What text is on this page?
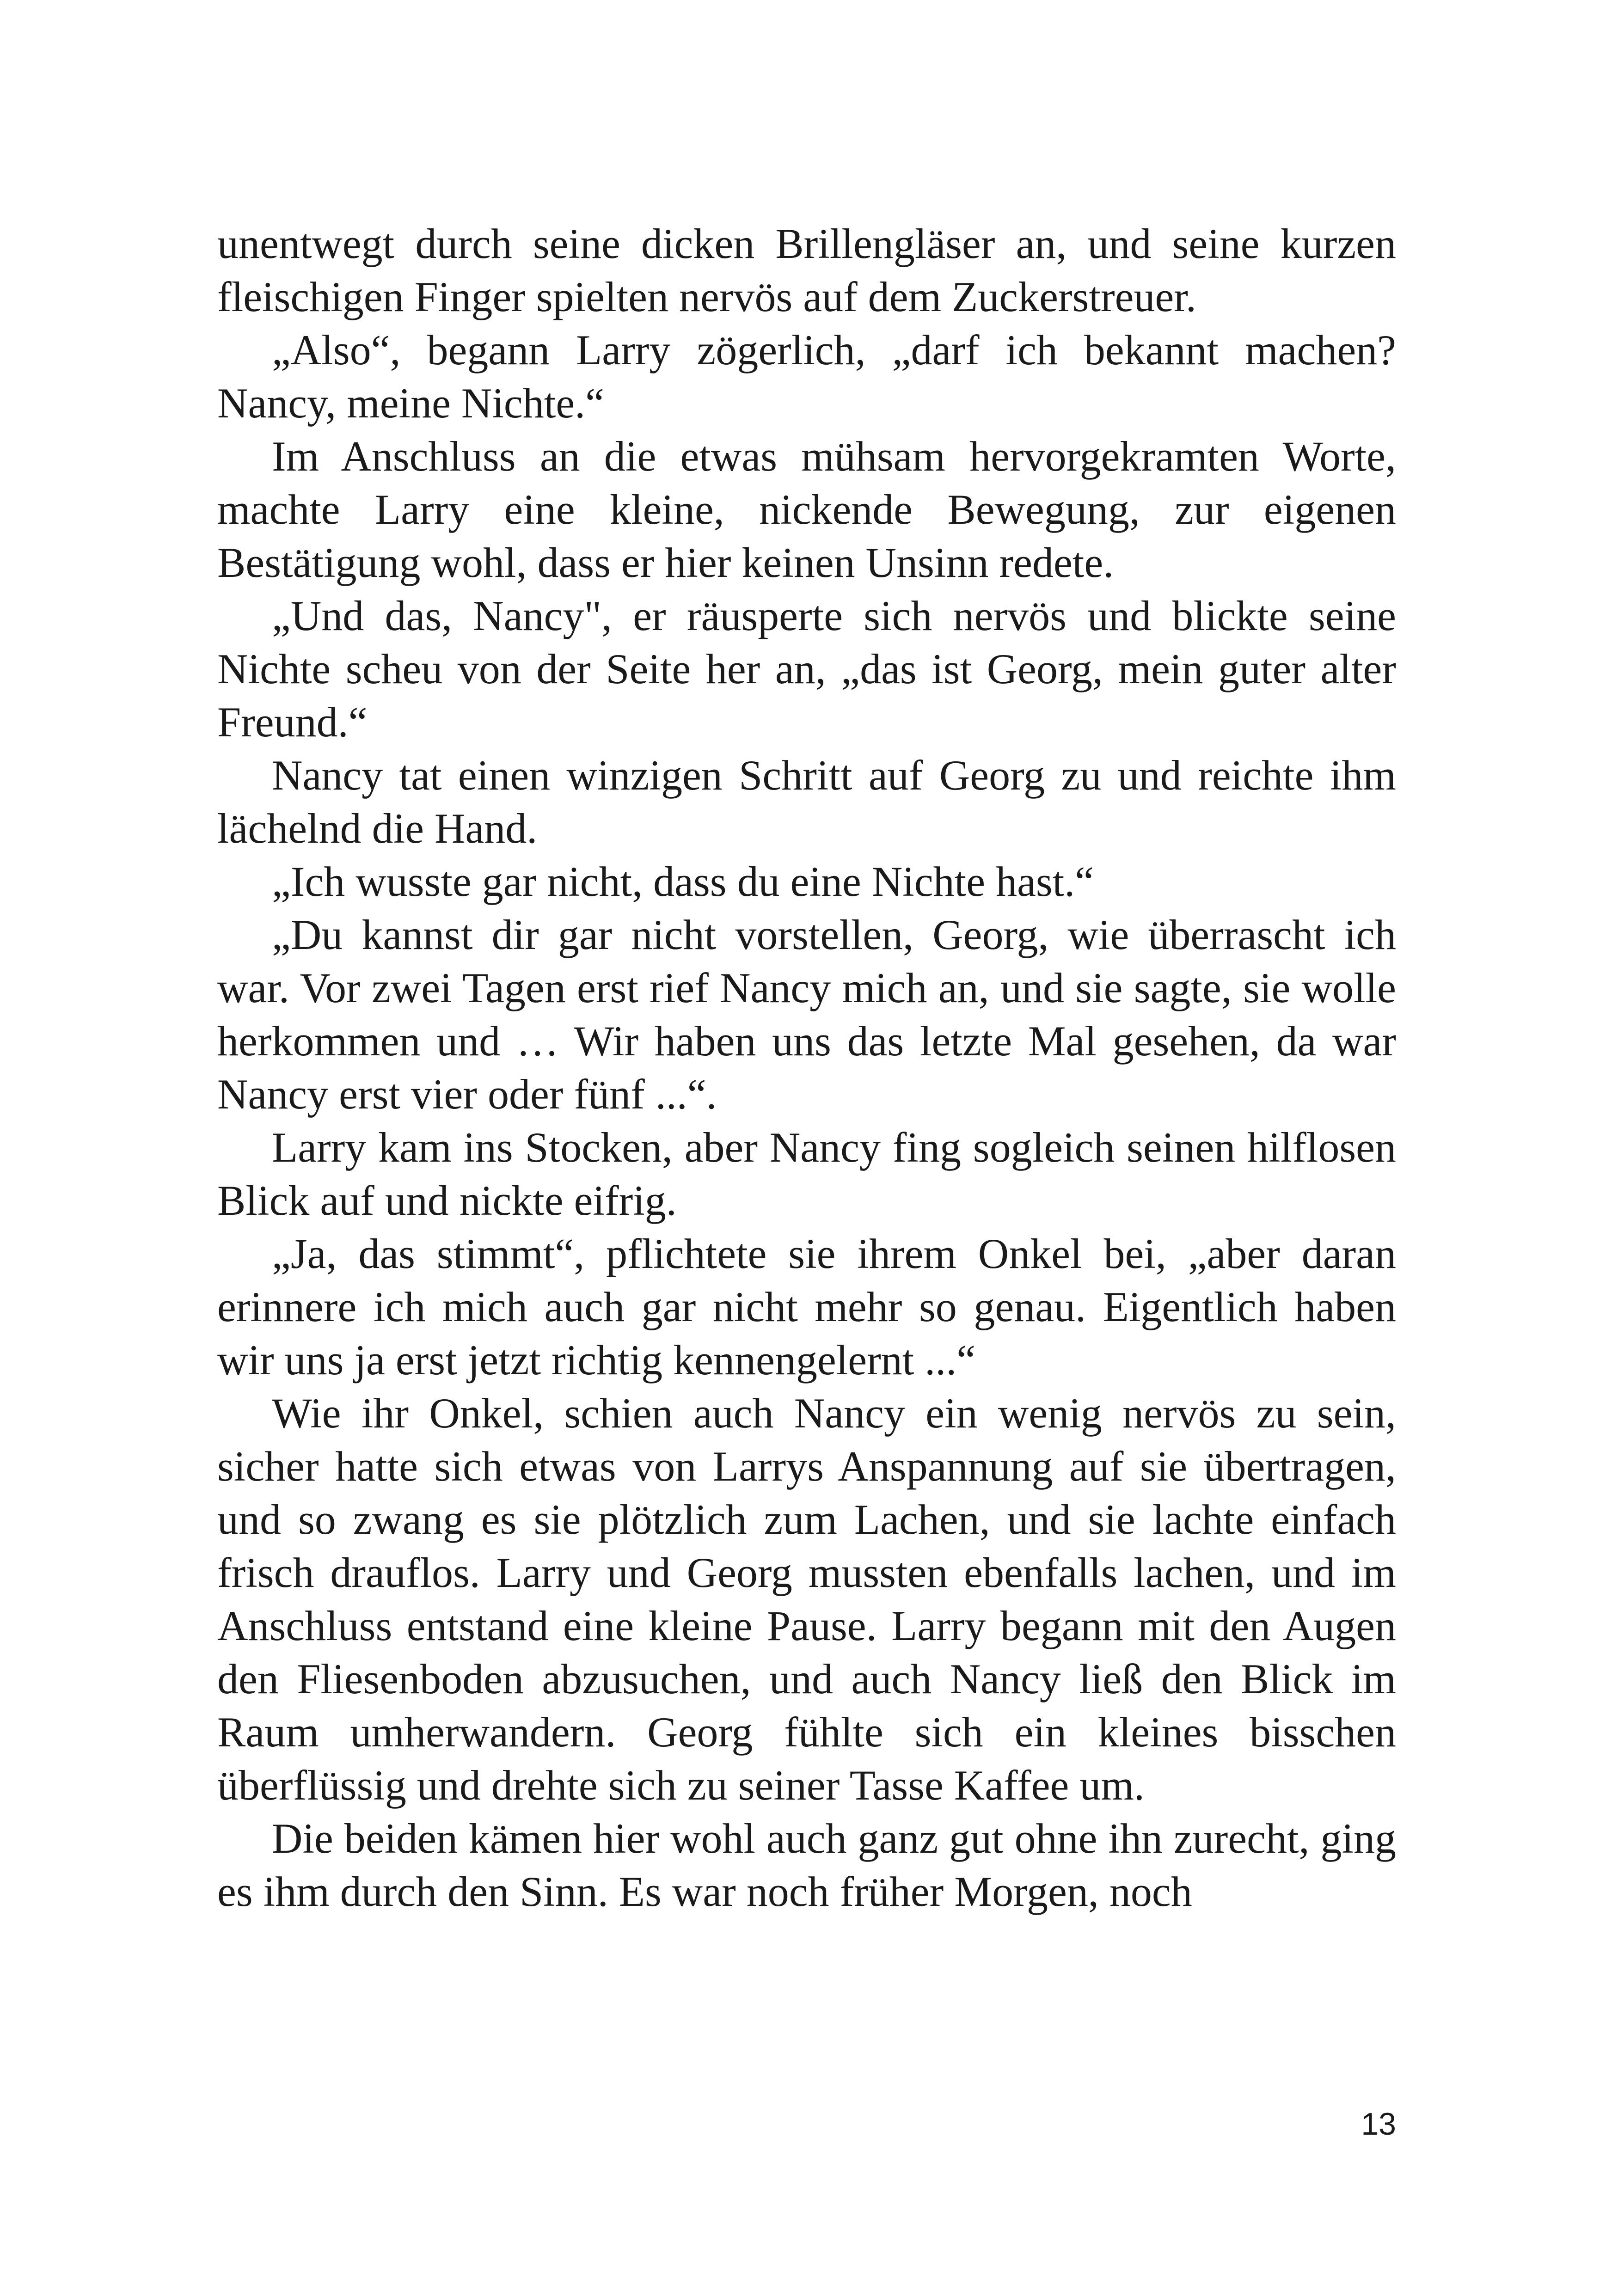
unentwegt durch seine dicken Brillengläser an, und seine kurzen fleischigen Finger spielten nervös auf dem Zuckerstreuer.

„Also“, begann Larry zögerlich, „darf ich bekannt machen? Nancy, meine Nichte.“

Im Anschluss an die etwas mühsam hervorgekramten Worte, machte Larry eine kleine, nickende Bewegung, zur eigenen Bestätigung wohl, dass er hier keinen Unsinn redete.

„Und das, Nancy", er räusperte sich nervös und blickte seine Nichte scheu von der Seite her an, „das ist Georg, mein guter alter Freund.“

Nancy tat einen winzigen Schritt auf Georg zu und reichte ihm lächelnd die Hand.

„Ich wusste gar nicht, dass du eine Nichte hast.“

„Du kannst dir gar nicht vorstellen, Georg, wie überrascht ich war. Vor zwei Tagen erst rief Nancy mich an, und sie sagte, sie wolle herkommen und … Wir haben uns das letzte Mal gesehen, da war Nancy erst vier oder fünf ...“.

Larry kam ins Stocken, aber Nancy fing sogleich seinen hilflosen Blick auf und nickte eifrig.

„Ja, das stimmt“, pflichtete sie ihrem Onkel bei, „aber daran erinnere ich mich auch gar nicht mehr so genau. Eigentlich haben wir uns ja erst jetzt richtig kennengelernt ...“

Wie ihr Onkel, schien auch Nancy ein wenig nervös zu sein, sicher hatte sich etwas von Larrys Anspannung auf sie übertragen, und so zwang es sie plötzlich zum Lachen, und sie lachte einfach frisch drauflos. Larry und Georg mussten ebenfalls lachen, und im Anschluss entstand eine kleine Pause. Larry begann mit den Augen den Fliesenboden abzusuchen, und auch Nancy ließ den Blick im Raum umherwandern. Georg fühlte sich ein kleines bisschen überflüssig und drehte sich zu seiner Tasse Kaffee um.

Die beiden kämen hier wohl auch ganz gut ohne ihn zurecht, ging es ihm durch den Sinn. Es war noch früher Morgen, noch

13
